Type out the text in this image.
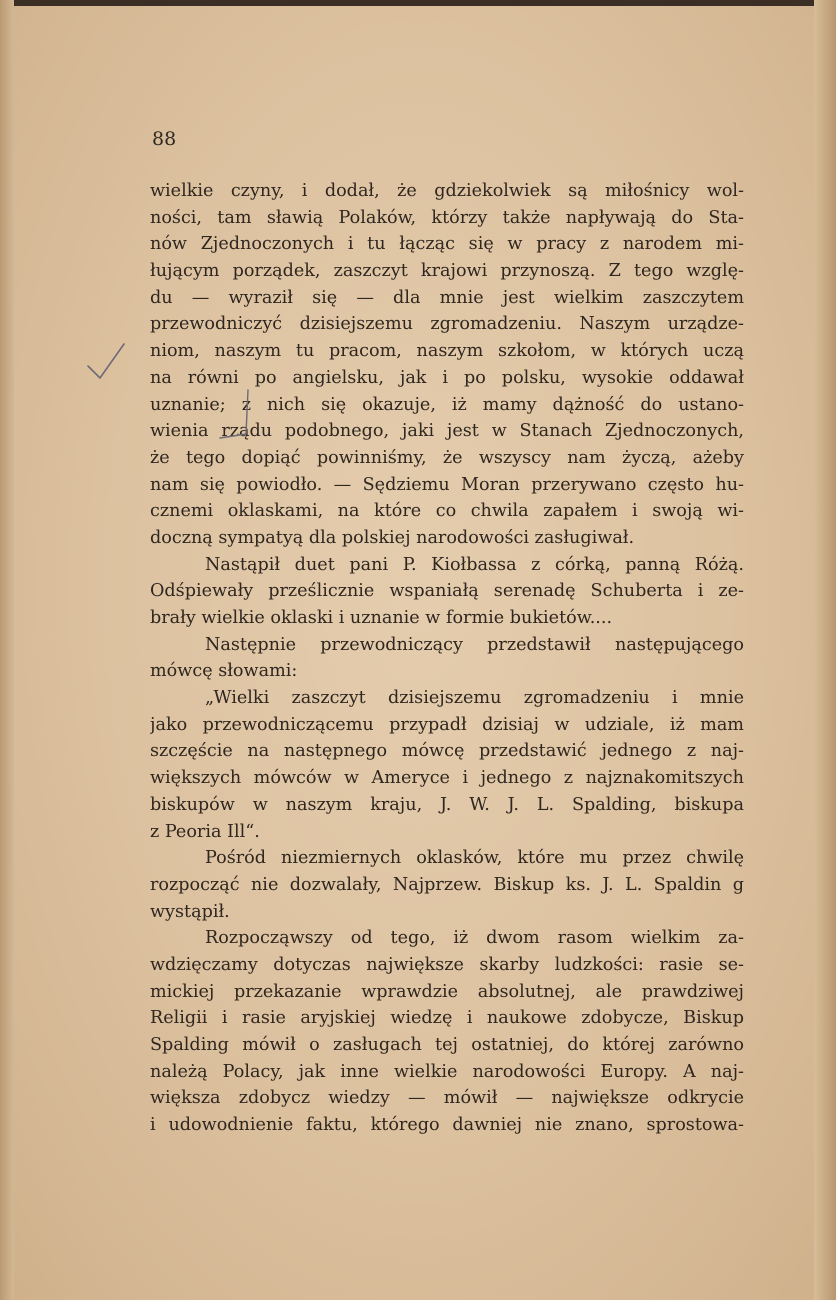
88
wielkie czyny, i dodał, że gdziekolwiek są miłośnicy wol-
ności, tam sławią Polaków, którzy także napływają do Sta-
nów Zjednoczonych i tu łącząc się w pracy z narodem mi-
łującym porządek, zaszczyt krajowi przynoszą. Z tego wzglę-
du — wyraził się — dla mnie jest wielkim zaszczytem
przewodniczyć dzisiejszemu zgromadzeniu. Naszym urządze-
niom, naszym tu pracom, naszym szkołom, w których uczą
na równi po angielsku, jak i po polsku, wysokie oddawał
uznanie; z nich się okazuje, iż mamy dążność do ustano-
wienia rządu podobnego, jaki jest w Stanach Zjednoczonych,
że tego dopiąć powinniśmy, że wszyscy nam życzą, ażeby
nam się powiodło. — Sędziemu Moran przerywano często hu-
cznemi oklaskami, na które co chwila zapałem i swoją wi-
doczną sympatyą dla polskiej narodowości zasługiwał.
Nastąpił duet pani P. Kiołbassa z córką, panną Różą.
Odśpiewały prześlicznie wspaniałą serenadę Schuberta i ze-
brały wielkie oklaski i uznanie w formie bukietów....
Następnie przewodniczący przedstawił następującego
mówcę słowami:
„Wielki zaszczyt dzisiejszemu zgromadzeniu i mnie
jako przewodniczącemu przypadł dzisiaj w udziale, iż mam
szczęście na następnego mówcę przedstawić jednego z naj-
większych mówców w Ameryce i jednego z najznakomitszych
biskupów w naszym kraju, J. W. J. L. Spalding, biskupa
z Peoria Ill“.
Pośród niezmiernych oklasków, które mu przez chwilę
rozpocząć nie dozwalały, Najprzew. Biskup ks. J. L. Spaldin g
wystąpił.
Rozpocząwszy od tego, iż dwom rasom wielkim za-
wdzięczamy dotyczas największe skarby ludzkości: rasie se-
mickiej przekazanie wprawdzie absolutnej, ale prawdziwej
Religii i rasie aryjskiej wiedzę i naukowe zdobycze, Biskup
Spalding mówił o zasługach tej ostatniej, do której zarówno
należą Polacy, jak inne wielkie narodowości Europy. A naj-
większa zdobycz wiedzy — mówił — największe odkrycie
i udowodnienie faktu, którego dawniej nie znano, sprostowa-
